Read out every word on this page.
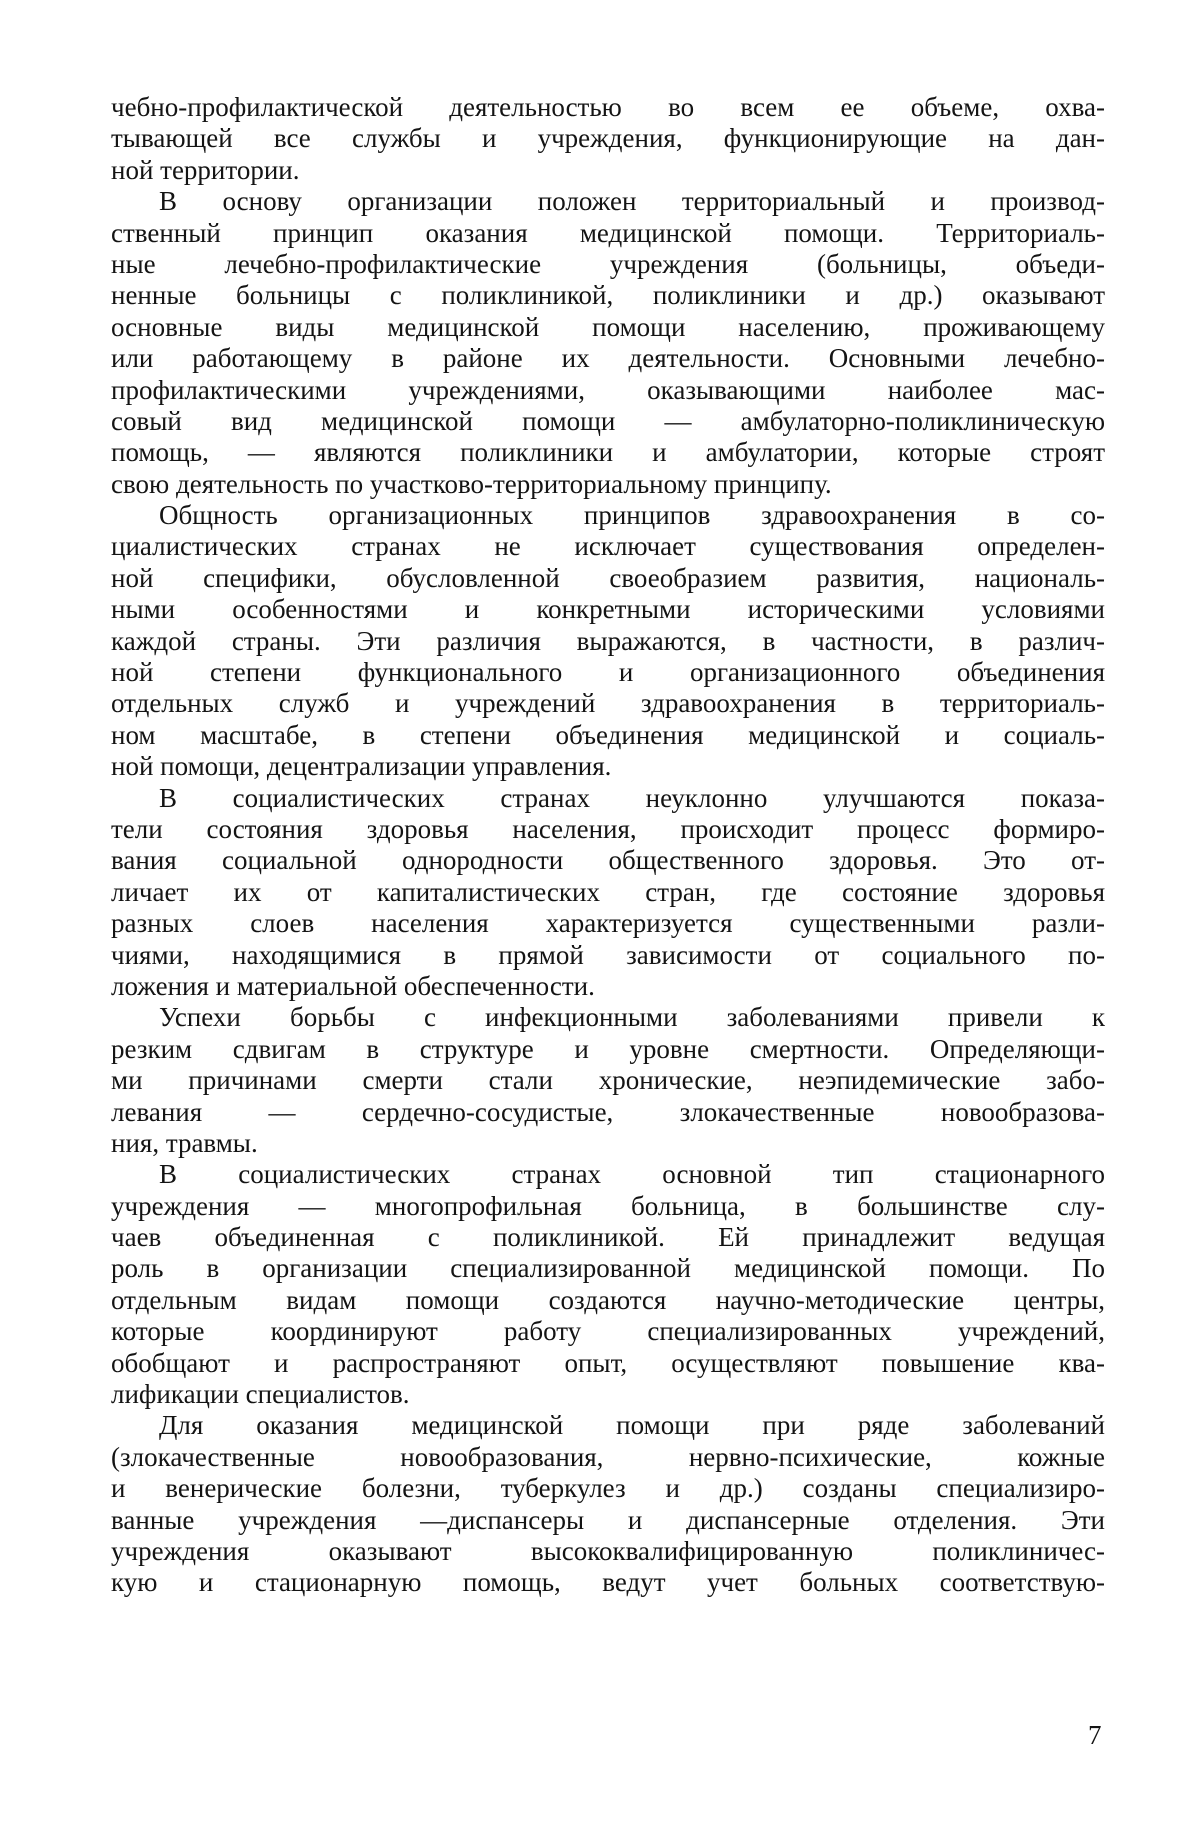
чебно-профилактической деятельностью во всем ее объеме, охва-
тывающей все службы и учреждения, функционирующие на дан-
ной территории.
В основу организации положен территориальный и производ-
ственный принцип оказания медицинской помощи. Территориаль-
ные лечебно-профилактические учреждения (больницы, объеди-
ненные больницы с поликлиникой, поликлиники и др.) оказывают
основные виды медицинской помощи населению, проживающему
или работающему в районе их деятельности. Основными лечебно-
профилактическими учреждениями, оказывающими наиболее мас-
совый вид медицинской помощи — амбулаторно-поликлиническую
помощь, — являются поликлиники и амбулатории, которые строят
свою деятельность по участково-территориальному принципу.
Общность организационных принципов здравоохранения в со-
циалистических странах не исключает существования определен-
ной специфики, обусловленной своеобразием развития, националь-
ными особенностями и конкретными историческими условиями
каждой страны. Эти различия выражаются, в частности, в различ-
ной степени функционального и организационного объединения
отдельных служб и учреждений здравоохранения в территориаль-
ном масштабе, в степени объединения медицинской и социаль-
ной помощи, децентрализации управления.
В социалистических странах неуклонно улучшаются показа-
тели состояния здоровья населения, происходит процесс формиро-
вания социальной однородности общественного здоровья. Это от-
личает их от капиталистических стран, где состояние здоровья
разных слоев населения характеризуется существенными разли-
чиями, находящимися в прямой зависимости от социального по-
ложения и материальной обеспеченности.
Успехи борьбы с инфекционными заболеваниями привели к
резким сдвигам в структуре и уровне смертности. Определяющи-
ми причинами смерти стали хронические, неэпидемические забо-
левания — сердечно-сосудистые, злокачественные новообразова-
ния, травмы.
В социалистических странах основной тип стационарного
учреждения — многопрофильная больница, в большинстве слу-
чаев объединенная с поликлиникой. Ей принадлежит ведущая
роль в организации специализированной медицинской помощи. По
отдельным видам помощи создаются научно-методические центры,
которые координируют работу специализированных учреждений,
обобщают и распространяют опыт, осуществляют повышение ква-
лификации специалистов.
Для оказания медицинской помощи при ряде заболеваний
(злокачественные новообразования, нервно-психические, кожные
и венерические болезни, туберкулез и др.) созданы специализиро-
ванные учреждения —диспансеры и диспансерные отделения. Эти
учреждения оказывают высококвалифицированную поликлиничес-
кую и стационарную помощь, ведут учет больных соответствую-
7
